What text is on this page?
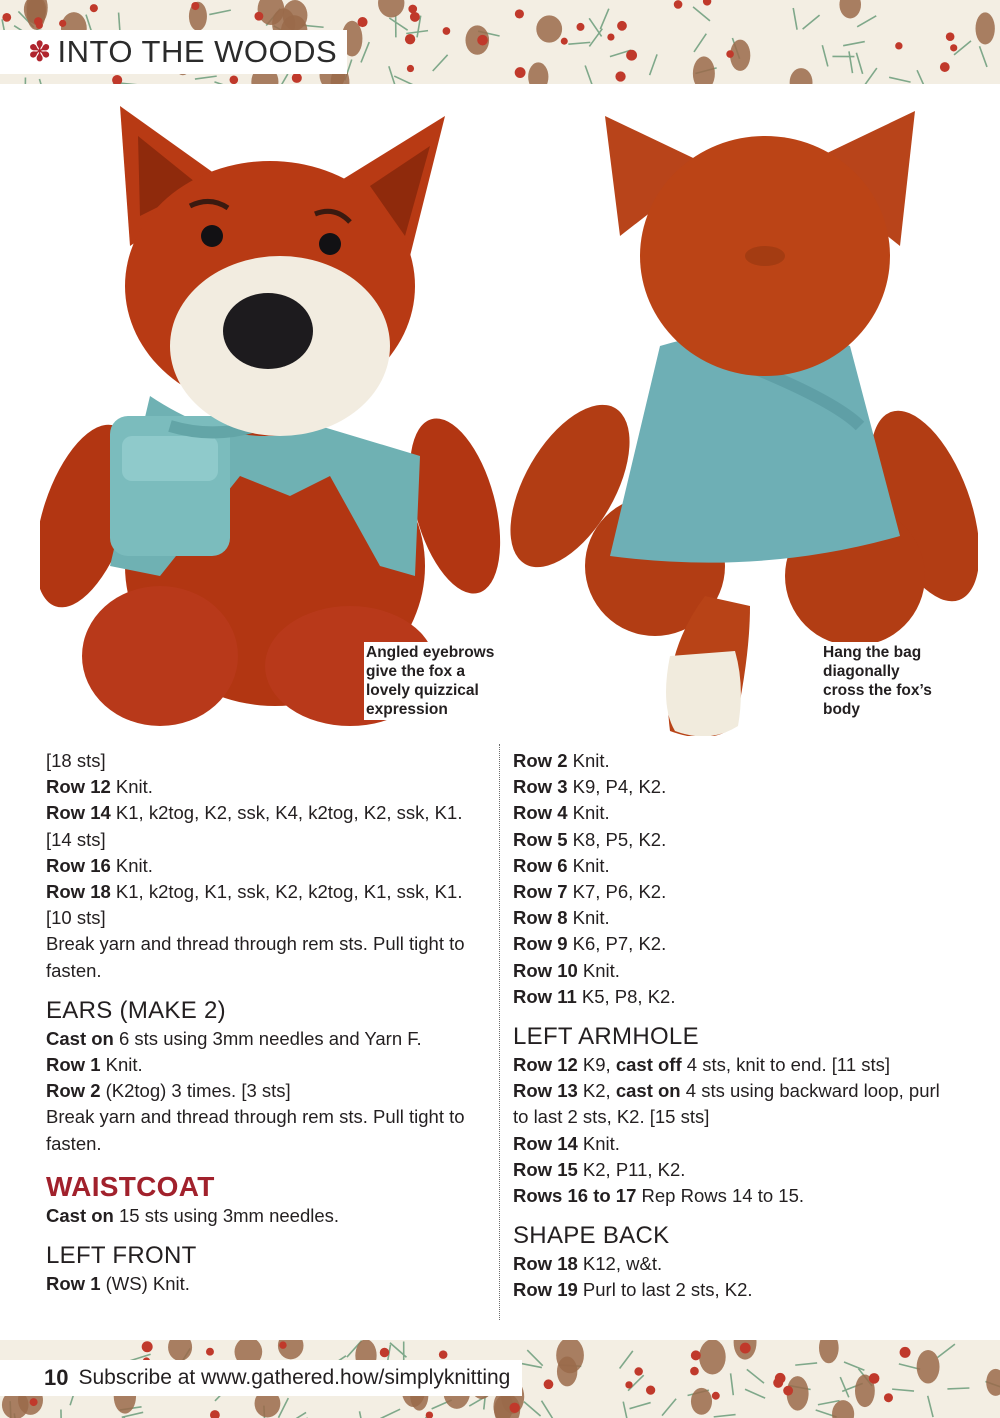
✽ INTO THE WOODS
Angled eyebrows give the fox a lovely quizzical expression
Hang the bag diagonally cross the fox’s body
[18 sts]
Row 12 Knit.
Row 14 K1, k2tog, K2, ssk, K4, k2tog, K2, ssk, K1.
[14 sts]
Row 16 Knit.
Row 18 K1, k2tog, K1, ssk, K2, k2tog, K1, ssk, K1.
[10 sts]
Break yarn and thread through rem sts. Pull tight to fasten.
EARS (MAKE 2)
Cast on 6 sts using 3mm needles and Yarn F.
Row 1 Knit.
Row 2 (K2tog) 3 times. [3 sts]
Break yarn and thread through rem sts. Pull tight to fasten.
WAISTCOAT
Cast on 15 sts using 3mm needles.
LEFT FRONT
Row 1 (WS) Knit.
Row 2 Knit.
Row 3 K9, P4, K2.
Row 4 Knit.
Row 5 K8, P5, K2.
Row 6 Knit.
Row 7 K7, P6, K2.
Row 8 Knit.
Row 9 K6, P7, K2.
Row 10 Knit.
Row 11 K5, P8, K2.
LEFT ARMHOLE
Row 12 K9, cast off 4 sts, knit to end. [11 sts]
Row 13 K2, cast on 4 sts using backward loop, purl to last 2 sts, K2. [15 sts]
Row 14 Knit.
Row 15 K2, P11, K2.
Rows 16 to 17 Rep Rows 14 to 15.
SHAPE BACK
Row 18 K12, w&t.
Row 19 Purl to last 2 sts, K2.
10 Subscribe at www.gathered.how/simplyknitting
